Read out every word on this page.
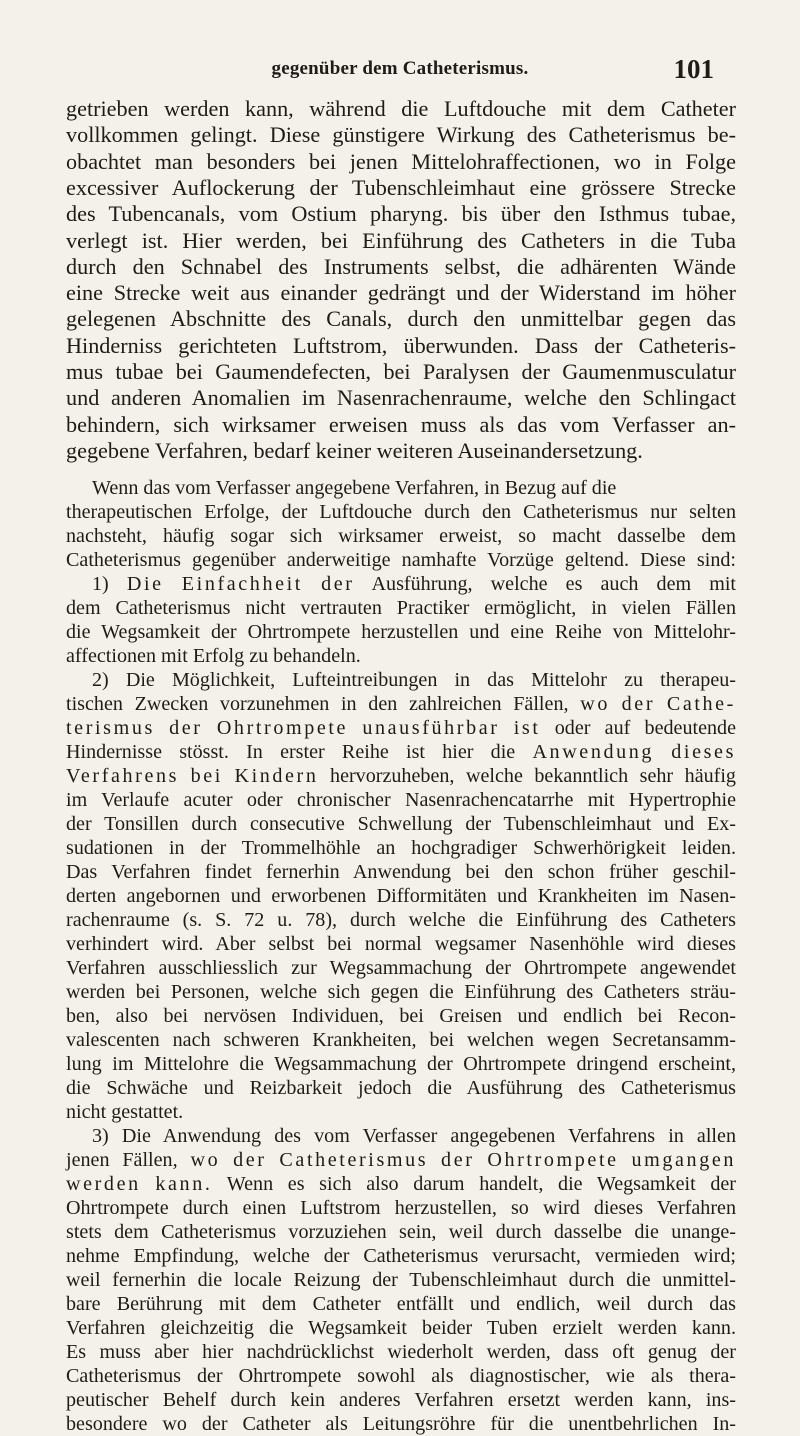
gegenüber dem Catheterismus.	101
getrieben werden kann, während die Luftdouche mit dem Catheter
vollkommen gelingt. Diese günstigere Wirkung des Catheterismus be-
obachtet man besonders bei jenen Mittelohraffectionen, wo in Folge
excessiver Auflockerung der Tubenschleimhaut eine grössere Strecke
des Tubencanals, vom Ostium pharyng. bis über den Isthmus tubae,
verlegt ist. Hier werden, bei Einführung des Catheters in die Tuba
durch den Schnabel des Instruments selbst, die adhärenten Wände
eine Strecke weit aus einander gedrängt und der Widerstand im höher
gelegenen Abschnitte des Canals, durch den unmittelbar gegen das
Hinderniss gerichteten Luftstrom, überwunden. Dass der Catheteris-
mus tubae bei Gaumendefecten, bei Paralysen der Gaumenmusculatur
und anderen Anomalien im Nasenrachenraume, welche den Schlingact
behindern, sich wirksamer erweisen muss als das vom Verfasser an-
gegebene Verfahren, bedarf keiner weiteren Auseinandersetzung.
Wenn das vom Verfasser angegebene Verfahren, in Bezug auf die
therapeutischen Erfolge, der Luftdouche durch den Catheterismus nur selten
nachsteht, häufig sogar sich wirksamer erweist, so macht dasselbe dem
Catheterismus gegenüber anderweitige namhafte Vorzüge geltend. Diese sind:
1) Die Einfachheit der Ausführung, welche es auch dem mit
dem Catheterismus nicht vertrauten Practiker ermöglicht, in vielen Fällen
die Wegsamkeit der Ohrtrompete herzustellen und eine Reihe von Mittelohr-
affectionen mit Erfolg zu behandeln.
2) Die Möglichkeit, Lufteintreibungen in das Mittelohr zu therapeu-
tischen Zwecken vorzunehmen in den zahlreichen Fällen, wo der Cathe-
terismus der Ohrtrompete unausführbar ist oder auf bedeutende
Hindernisse stösst. In erster Reihe ist hier die Anwendung dieses
Verfahrens bei Kindern hervorzuheben, welche bekanntlich sehr häufig
im Verlaufe acuter oder chronischer Nasenrachencatarrhe mit Hypertrophie
der Tonsillen durch consecutive Schwellung der Tubenschleimhaut und Ex-
sudationen in der Trommelhöhle an hochgradiger Schwerhörigkeit leiden.
Das Verfahren findet fernerhin Anwendung bei den schon früher geschil-
derten angebornen und erworbenen Difformitäten und Krankheiten im Nasen-
rachenraume (s. S. 72 u. 78), durch welche die Einführung des Catheters
verhindert wird. Aber selbst bei normal wegsamer Nasenhöhle wird dieses
Verfahren ausschliesslich zur Wegsammachung der Ohrtrompete angewendet
werden bei Personen, welche sich gegen die Einführung des Catheters sträu-
ben, also bei nervösen Individuen, bei Greisen und endlich bei Recon-
valescenten nach schweren Krankheiten, bei welchen wegen Secretansamm-
lung im Mittelohre die Wegsammachung der Ohrtrompete dringend erscheint,
die Schwäche und Reizbarkeit jedoch die Ausführung des Catheterismus
nicht gestattet.
3) Die Anwendung des vom Verfasser angegebenen Verfahrens in allen
jenen Fällen, wo der Catheterismus der Ohrtrompete umgangen
werden kann. Wenn es sich also darum handelt, die Wegsamkeit der
Ohrtrompete durch einen Luftstrom herzustellen, so wird dieses Verfahren
stets dem Catheterismus vorzuziehen sein, weil durch dasselbe die unange-
nehme Empfindung, welche der Catheterismus verursacht, vermieden wird;
weil fernerhin die locale Reizung der Tubenschleimhaut durch die unmittel-
bare Berührung mit dem Catheter entfällt und endlich, weil durch das
Verfahren gleichzeitig die Wegsamkeit beider Tuben erzielt werden kann.
Es muss aber hier nachdrücklichst wiederholt werden, dass oft genug der
Catheterismus der Ohrtrompete sowohl als diagnostischer, wie als thera-
peutischer Behelf durch kein anderes Verfahren ersetzt werden kann, ins-
besondere wo der Catheter als Leitungsröhre für die unentbehrlichen In-
